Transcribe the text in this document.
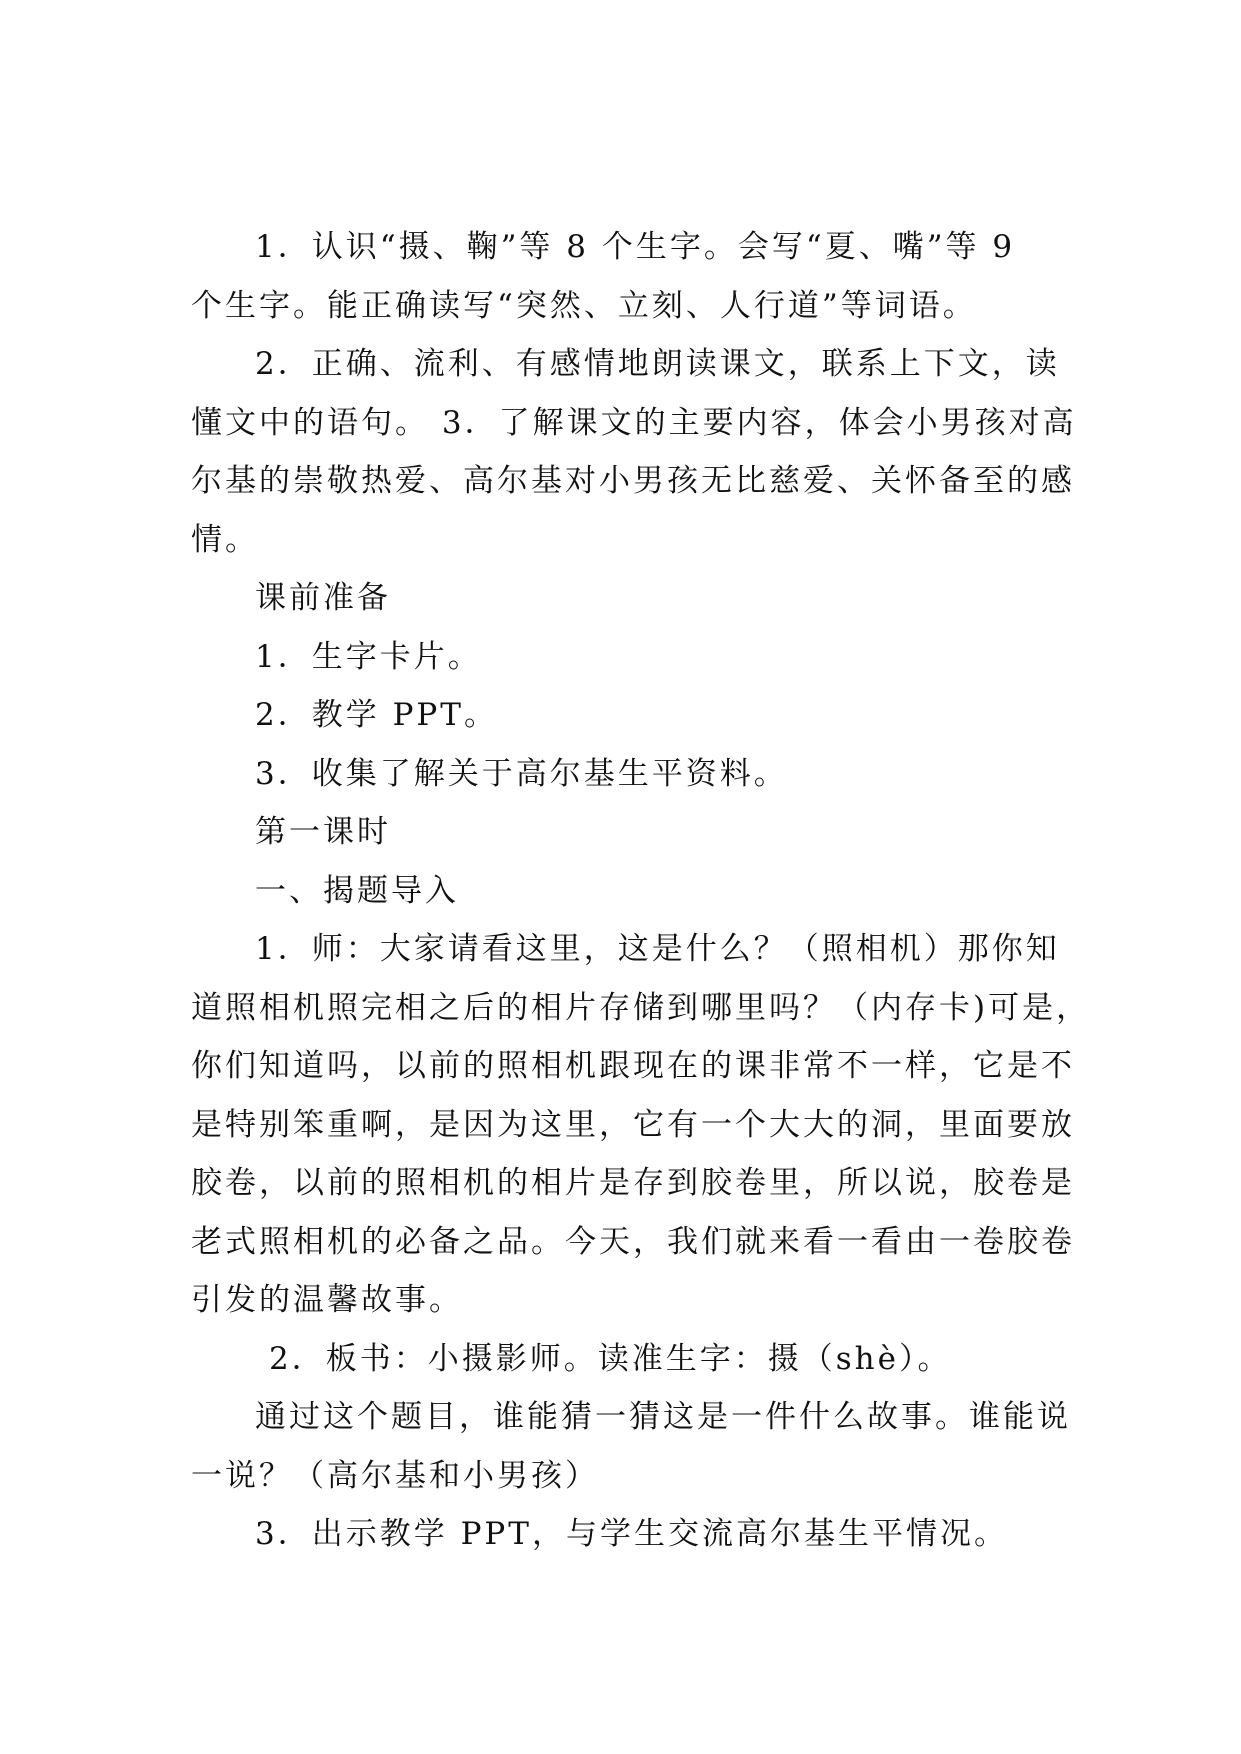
1．认识“摄、鞠”等 8 个生字。会写“夏、嘴”等 9
个生字。能正确读写“突然、立刻、人行道”等词语。
2．正确、流利、有感情地朗读课文，联系上下文，读
懂文中的语句。 3．了解课文的主要内容，体会小男孩对高
尔基的崇敬热爱、高尔基对小男孩无比慈爱、关怀备至的感
情。
课前准备
1．生字卡片。
2．教学 PPT。
3．收集了解关于高尔基生平资料。
第一课时
一、揭题导入
1．师：大家请看这里，这是什么？（照相机）那你知
道照相机照完相之后的相片存储到哪里吗？（内存卡)可是，
你们知道吗，以前的照相机跟现在的课非常不一样，它是不
是特别笨重啊，是因为这里，它有一个大大的洞，里面要放
胶卷，以前的照相机的相片是存到胶卷里，所以说，胶卷是
老式照相机的必备之品。今天，我们就来看一看由一卷胶卷
引发的温馨故事。
2．板书：小摄影师。读准生字：摄（shè）。
通过这个题目，谁能猜一猜这是一件什么故事。谁能说
一说？（高尔基和小男孩）
3．出示教学 PPT，与学生交流高尔基生平情况。
